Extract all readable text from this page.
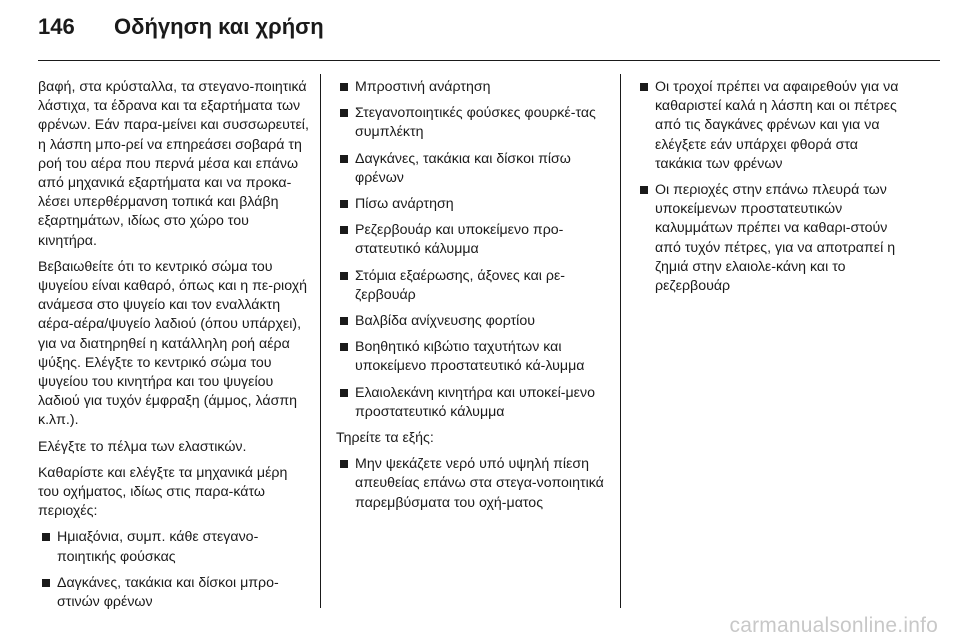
146	Οδήγηση και χρήση

βαφή, στα κρύσταλλα, τα στεγανο-ποιητικά λάστιχα, τα έδρανα και τα εξαρτήματα των φρένων. Εάν παρα-μείνει και συσσωρευτεί, η λάσπη μπο-ρεί να επηρεάσει σοβαρά τη ροή του αέρα που περνά μέσα και επάνω από μηχανικά εξαρτήματα και να προκα-λέσει υπερθέρμανση τοπικά και βλάβη εξαρτημάτων, ιδίως στο χώρο του κινητήρα.

Βεβαιωθείτε ότι το κεντρικό σώμα του ψυγείου είναι καθαρό, όπως και η πε-ριοχή ανάμεσα στο ψυγείο και τον εναλλάκτη αέρα-αέρα/ψυγείο λαδιού (όπου υπάρχει), για να διατηρηθεί η κατάλληλη ροή αέρα ψύξης. Ελέγξτε το κεντρικό σώμα του ψυγείου του κινητήρα και του ψυγείου λαδιού για τυχόν έμφραξη (άμμος, λάσπη κ.λπ.).

Ελέγξτε το πέλμα των ελαστικών.

Καθαρίστε και ελέγξτε τα μηχανικά μέρη του οχήματος, ιδίως στις παρα-κάτω περιοχές:

Ημιαξόνια, συμπ. κάθε στεγανο-ποιητικής φούσκας
Δαγκάνες, τακάκια και δίσκοι μπρο-στινών φρένων
Μπροστινή ανάρτηση
Στεγανοποιητικές φούσκες φουρκέ-τας συμπλέκτη
Δαγκάνες, τακάκια και δίσκοι πίσω φρένων
Πίσω ανάρτηση
Ρεζερβουάρ και υποκείμενο προ-στατευτικό κάλυμμα
Στόμια εξαέρωσης, άξονες και ρε-ζερβουάρ
Βαλβίδα ανίχνευσης φορτίου
Βοηθητικό κιβώτιο ταχυτήτων και υποκείμενο προστατευτικό κά-λυμμα
Ελαιολεκάνη κινητήρα και υποκεί-μενο προστατευτικό κάλυμμα

Τηρείτε τα εξής:

Μην ψεκάζετε νερό υπό υψηλή πίεση απευθείας επάνω στα στεγα-νοποιητικά παρεμβύσματα του οχή-ματος
Οι τροχοί πρέπει να αφαιρεθούν για να καθαριστεί καλά η λάσπη και οι πέτρες από τις δαγκάνες φρένων και για να ελέγξετε εάν υπάρχει φθορά στα τακάκια των φρένων
Οι περιοχές στην επάνω πλευρά των υποκείμενων προστατευτικών καλυμμάτων πρέπει να καθαρι-στούν από τυχόν πέτρες, για να αποτραπεί η ζημιά στην ελαιολε-κάνη και το ρεζερβουάρ
carmanualsonline.info
